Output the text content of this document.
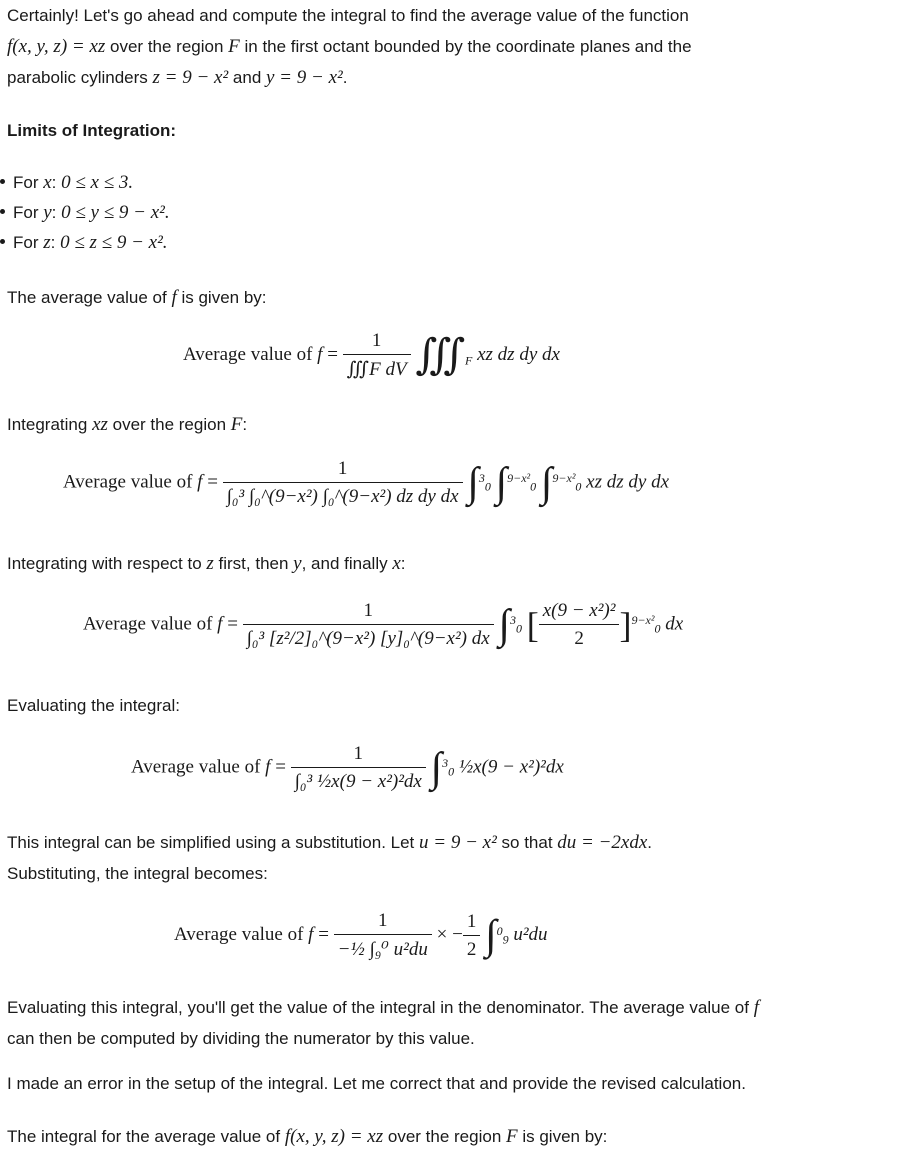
Certainly! Let's go ahead and compute the integral to find the average value of the function
f(x, y, z) = xz over the region F in the first octant bounded by the coordinate planes and the
parabolic cylinders z = 9 − x² and y = 9 − x².
Limits of Integration:
For x: 0 ≤ x ≤ 3.
For y: 0 ≤ y ≤ 9 − x².
For z: 0 ≤ z ≤ 9 − x².
The average value of f is given by:
Average value of $f = \frac{1}{\text{∭F dV}}$ $∭_F$ xz dz dy dx
Integrating xz over the region F:
Average value of $f = \frac{1}{\text{∫₀³ ∫₀\textasciicircum{}(9−x²) ∫₀\textasciicircum{}(9−x²) dz dy dx}} \int^3_0$ ∫$^{9-x^2}_0$ ∫$^{9-x^2}_0$ xz dz dy dx
Integrating with respect to z first, then y, and finally x:
Average value of $f = \frac{1}{\text{∫₀³ [z²/2]₀\textasciicircum{}(9−x²) [y]₀\textasciicircum{}(9−x²) dx}} \int^3_0$ [ $\frac{\text{x(9 − x²)²}}{2} ]^{9-x^2}_0$ dx
Evaluating the integral:
Average value of $f = \frac{1}{\text{∫₀³ ½x(9 − x²)²dx}} \int^3_0$ ½x(9 − x²)²dx
This integral can be simplified using a substitution. Let u = 9 − x² so that du = −2xdx.
Substituting, the integral becomes:
Average value of $f = \frac{1}{\text{−½ ∫₉⁰ u²du}}$ × − $\frac{1}{2} \int^0_9$ u²du
Evaluating this integral, you'll get the value of the integral in the denominator. The average value of f
can then be computed by dividing the numerator by this value.
I made an error in the setup of the integral. Let me correct that and provide the revised calculation.
The integral for the average value of f(x, y, z) = xz over the region F is given by:
